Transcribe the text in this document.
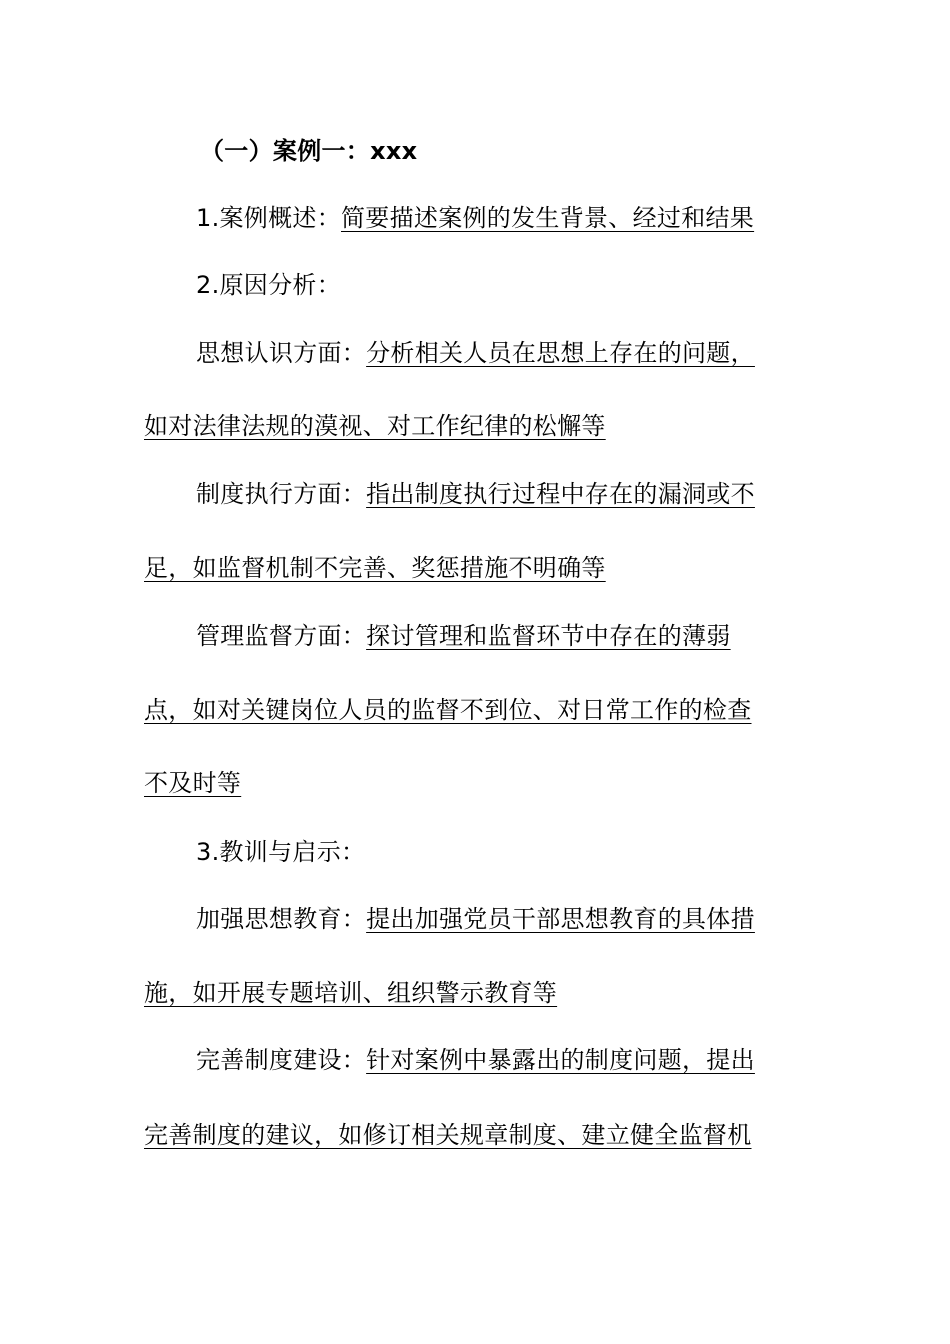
（一）案例一：xxx
1.案例概述：简要描述案例的发生背景、经过和结果
2.原因分析：
思想认识方面：分析相关人员在思想上存在的问题，
如对法律法规的漠视、对工作纪律的松懈等
制度执行方面：指出制度执行过程中存在的漏洞或不
足，如监督机制不完善、奖惩措施不明确等
管理监督方面：探讨管理和监督环节中存在的薄弱
点，如对关键岗位人员的监督不到位、对日常工作的检查
不及时等
3.教训与启示：
加强思想教育：提出加强党员干部思想教育的具体措
施，如开展专题培训、组织警示教育等
完善制度建设：针对案例中暴露出的制度问题，提出
完善制度的建议，如修订相关规章制度、建立健全监督机
